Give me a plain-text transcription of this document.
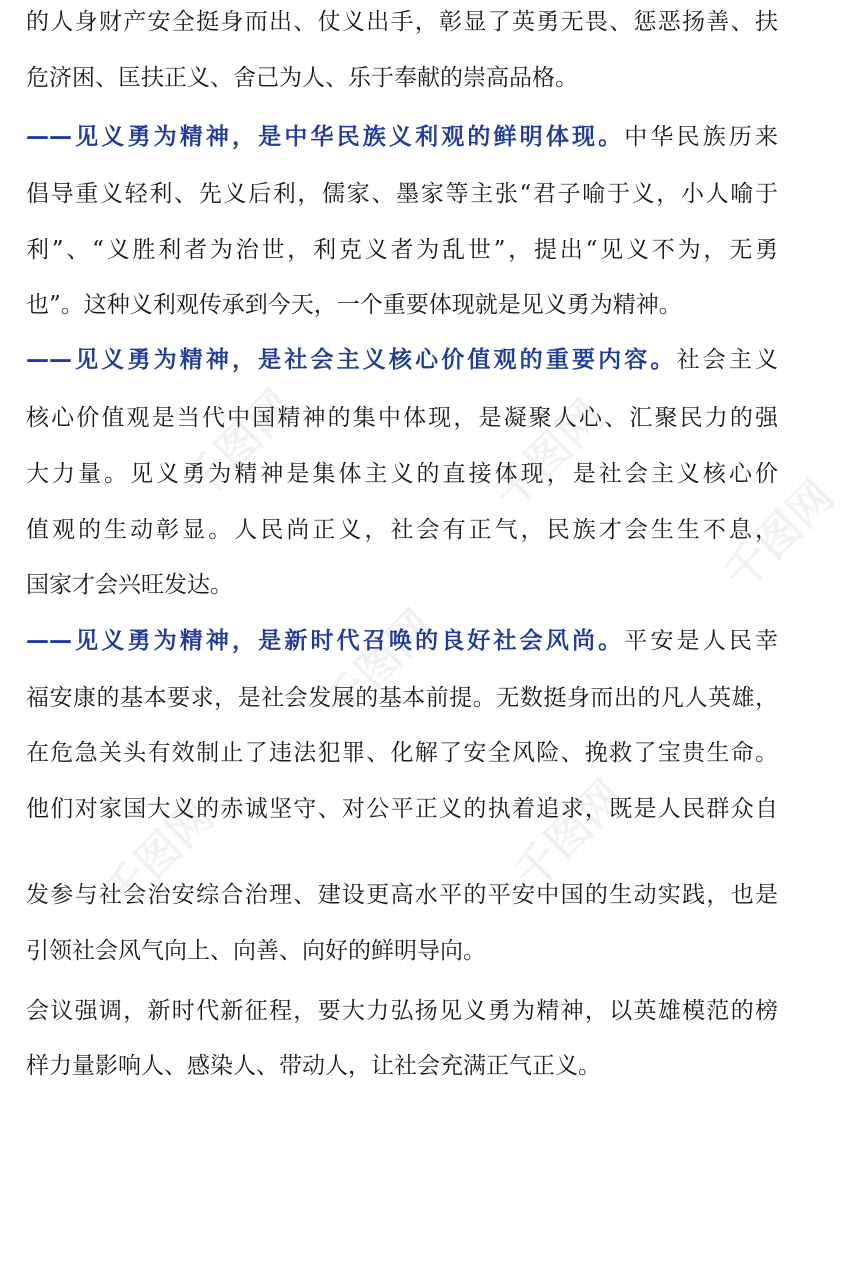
千图网	千图网
千图网
千图网
千图网
千图网
的人身财产安全挺身而出、仗义出手，彰显了英勇无畏、惩恶扬善、扶
危济困、匡扶正义、舍己为人、乐于奉献的崇高品格。
——见义勇为精神，是中华民族义利观的鲜明体现。中华民族历来
倡导重义轻利、先义后利，儒家、墨家等主张“君子喻于义，小人喻于
利”、“义胜利者为治世，利克义者为乱世”，提出“见义不为，无勇
也”。这种义利观传承到今天，一个重要体现就是见义勇为精神。
——见义勇为精神，是社会主义核心价值观的重要内容。社会主义
核心价值观是当代中国精神的集中体现，是凝聚人心、汇聚民力的强
大力量。见义勇为精神是集体主义的直接体现，是社会主义核心价
值观的生动彰显。人民尚正义，社会有正气，民族才会生生不息，
国家才会兴旺发达。
——见义勇为精神，是新时代召唤的良好社会风尚。平安是人民幸
福安康的基本要求，是社会发展的基本前提。无数挺身而出的凡人英雄，
在危急关头有效制止了违法犯罪、化解了安全风险、挽救了宝贵生命。
他们对家国大义的赤诚坚守、对公平正义的执着追求，既是人民群众自
发参与社会治安综合治理、建设更高水平的平安中国的生动实践，也是
引领社会风气向上、向善、向好的鲜明导向。
会议强调，新时代新征程，要大力弘扬见义勇为精神，以英雄模范的榜
样力量影响人、感染人、带动人，让社会充满正气正义。
